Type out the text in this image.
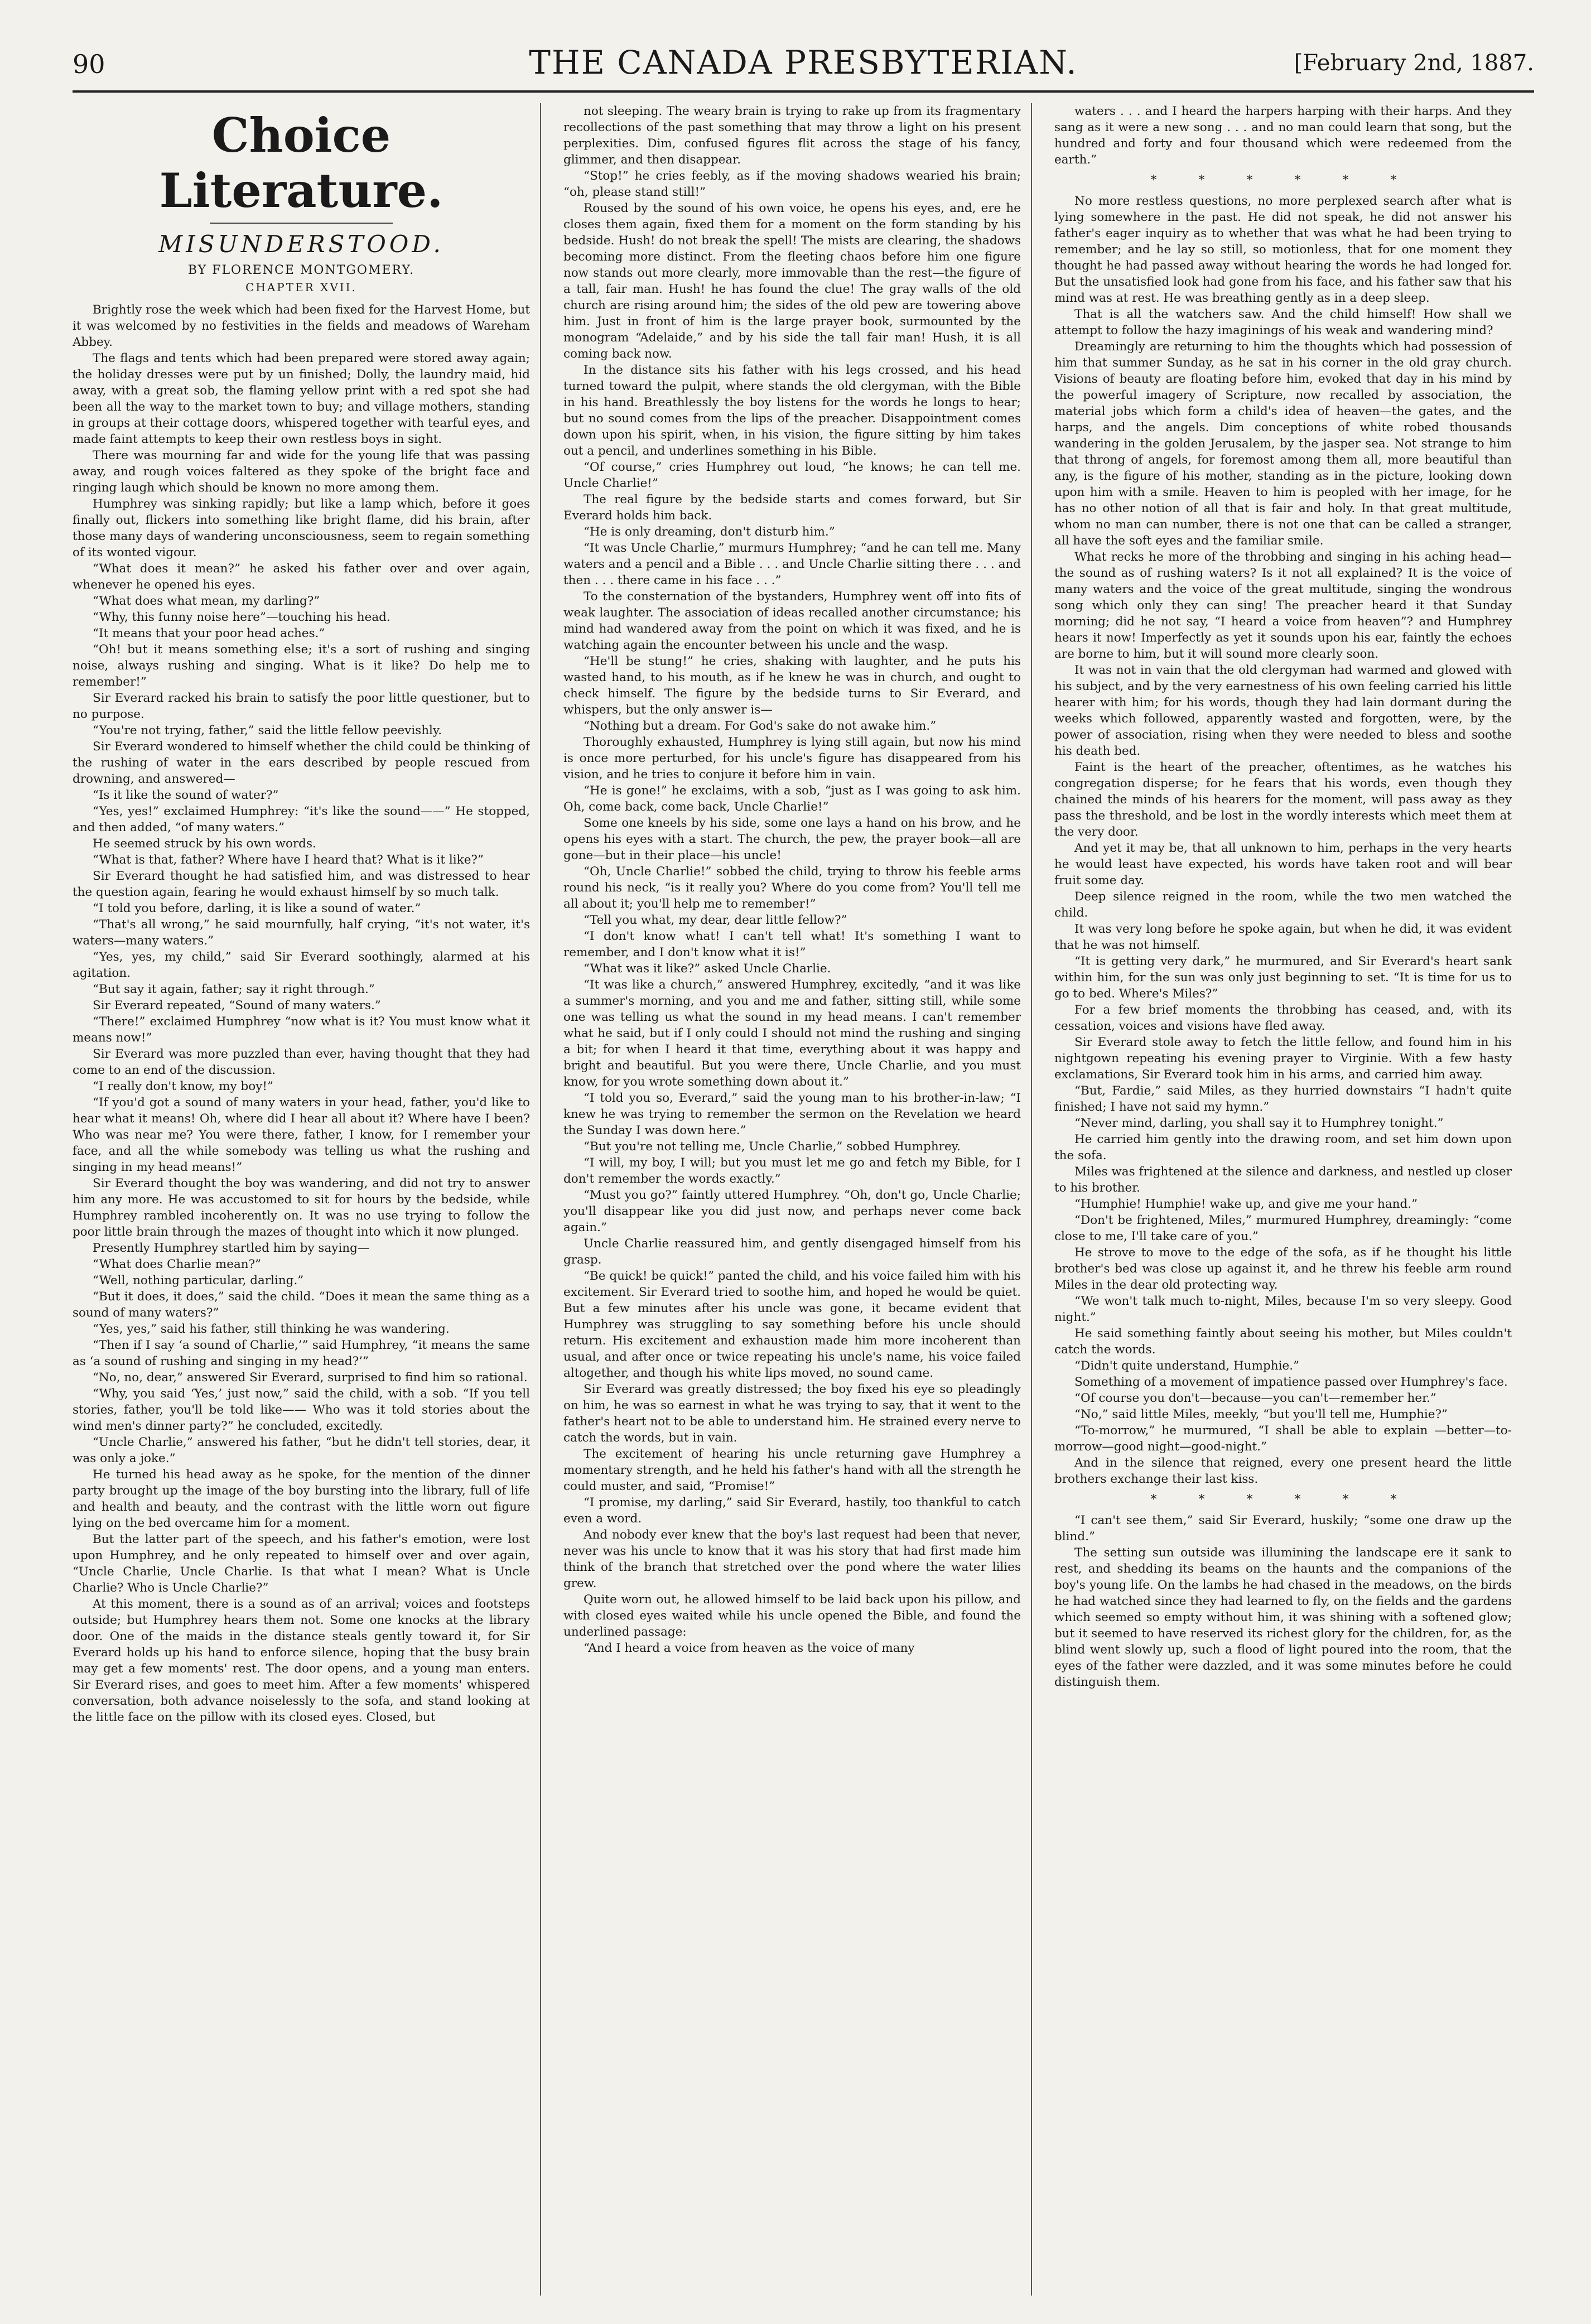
90	THE CANADA PRESBYTERIAN.	[February 2nd, 1887.
Choice Literature.
MISUNDERSTOOD.
BY FLORENCE MONTGOMERY.
CHAPTER XVII.

Brightly rose the week which had been fixed for the Harvest Home, but it was welcomed by no festivities in the fields and meadows of Wareham Abbey.

The flags and tents which had been prepared were stored away again; the holiday dresses were put by un finished; Dolly, the laundry maid, hid away, with a great sob, the flaming yellow print with a red spot she had been all the way to the market town to buy; and village mothers, standing in groups at their cottage doors, whispered together with tearful eyes, and made faint attempts to keep their own restless boys in sight.

There was mourning far and wide for the young life that was passing away, and rough voices faltered as they spoke of the bright face and ringing laugh which should be known no more among them.

Humphrey was sinking rapidly; but like a lamp which, before it goes finally out, flickers into something like bright flame, did his brain, after those many days of wandering unconsciousness, seem to regain something of its wonted vigour.

“What does it mean?” he asked his father over and over again, whenever he opened his eyes.

“What does what mean, my darling?”

“Why, this funny noise here”—touching his head.

“It means that your poor head aches.”

“Oh! but it means something else; it's a sort of rushing and singing noise, always rushing and singing. What is it like? Do help me to remember!”

Sir Everard racked his brain to satisfy the poor little questioner, but to no purpose.

“You're not trying, father,” said the little fellow peevishly.

Sir Everard wondered to himself whether the child could be thinking of the rushing of water in the ears described by people rescued from drowning, and answered—

“Is it like the sound of water?”

“Yes, yes!” exclaimed Humphrey: “it's like the sound——” He stopped, and then added, “of many waters.”

He seemed struck by his own words.

“What is that, father? Where have I heard that? What is it like?”

Sir Everard thought he had satisfied him, and was distressed to hear the question again, fearing he would exhaust himself by so much talk.

“I told you before, darling, it is like a sound of water.”

“That's all wrong,” he said mournfully, half crying, “it's not water, it's waters—many waters.”

“Yes, yes, my child,” said Sir Everard soothingly, alarmed at his agitation.

“But say it again, father; say it right through.”

Sir Everard repeated, “Sound of many waters.”

“There!” exclaimed Humphrey “now what is it? You must know what it means now!”

Sir Everard was more puzzled than ever, having thought that they had come to an end of the discussion.

“I really don't know, my boy!”

“If you'd got a sound of many waters in your head, father, you'd like to hear what it means! Oh, where did I hear all about it? Where have I been? Who was near me? You were there, father, I know, for I remember your face, and all the while somebody was telling us what the rushing and singing in my head means!”

Sir Everard thought the boy was wandering, and did not try to answer him any more. He was accustomed to sit for hours by the bedside, while Humphrey rambled incoherently on. It was no use trying to follow the poor little brain through the mazes of thought into which it now plunged.

Presently Humphrey startled him by saying—

“What does Charlie mean?”

“Well, nothing particular, darling.”

“But it does, it does,” said the child. “Does it mean the same thing as a sound of many waters?”

“Yes, yes,” said his father, still thinking he was wandering.

“Then if I say ‘a sound of Charlie,’” said Humphrey, “it means the same as ‘a sound of rushing and singing in my head?’”

“No, no, dear,” answered Sir Everard, surprised to find him so rational.

“Why, you said ‘Yes,’ just now,” said the child, with a sob. “If you tell stories, father, you'll be told like—— Who was it told stories about the wind men's dinner party?” he concluded, excitedly.

“Uncle Charlie,” answered his father, “but he didn't tell stories, dear, it was only a joke.”

He turned his head away as he spoke, for the mention of the dinner party brought up the image of the boy bursting into the library, full of life and health and beauty, and the contrast with the little worn out figure lying on the bed overcame him for a moment.

But the latter part of the speech, and his father's emotion, were lost upon Humphrey, and he only repeated to himself over and over again, “Uncle Charlie, Uncle Charlie. Is that what I mean? What is Uncle Charlie? Who is Uncle Charlie?”

At this moment, there is a sound as of an arrival; voices and footsteps outside; but Humphrey hears them not. Some one knocks at the library door. One of the maids in the distance steals gently toward it, for Sir Everard holds up his hand to enforce silence, hoping that the busy brain may get a few moments' rest. The door opens, and a young man enters. Sir Everard rises, and goes to meet him. After a few moments' whispered conversation, both advance noiselessly to the sofa, and stand looking at the little face on the pillow with its closed eyes. Closed, but

not sleeping. The weary brain is trying to rake up from its fragmentary recollections of the past something that may throw a light on his present perplexities. Dim, confused figures flit across the stage of his fancy, glimmer, and then disappear.

“Stop!” he cries feebly, as if the moving shadows wearied his brain; “oh, please stand still!”

Roused by the sound of his own voice, he opens his eyes, and, ere he closes them again, fixed them for a moment on the form standing by his bedside. Hush! do not break the spell! The mists are clearing, the shadows becoming more distinct. From the fleeting chaos before him one figure now stands out more clearly, more immovable than the rest—the figure of a tall, fair man. Hush! he has found the clue! The gray walls of the old church are rising around him; the sides of the old pew are towering above him. Just in front of him is the large prayer book, surmounted by the monogram “Adelaide,” and by his side the tall fair man! Hush, it is all coming back now.

In the distance sits his father with his legs crossed, and his head turned toward the pulpit, where stands the old clergyman, with the Bible in his hand. Breathlessly the boy listens for the words he longs to hear; but no sound comes from the lips of the preacher. Disappointment comes down upon his spirit, when, in his vision, the figure sitting by him takes out a pencil, and underlines something in his Bible.

“Of course,” cries Humphrey out loud, “he knows; he can tell me. Uncle Charlie!”

The real figure by the bedside starts and comes forward, but Sir Everard holds him back.

“He is only dreaming, don't disturb him.”

“It was Uncle Charlie,” murmurs Humphrey; “and he can tell me. Many waters and a pencil and a Bible . . . and Uncle Charlie sitting there . . . and then . . . there came in his face . . .”

To the consternation of the bystanders, Humphrey went off into fits of weak laughter. The association of ideas recalled another circumstance; his mind had wandered away from the point on which it was fixed, and he is watching again the encounter between his uncle and the wasp.

“He'll be stung!” he cries, shaking with laughter, and he puts his wasted hand, to his mouth, as if he knew he was in church, and ought to check himself. The figure by the bedside turns to Sir Everard, and whispers, but the only answer is—

“Nothing but a dream. For God's sake do not awake him.”

Thoroughly exhausted, Humphrey is lying still again, but now his mind is once more perturbed, for his uncle's figure has disappeared from his vision, and he tries to conjure it before him in vain.

“He is gone!” he exclaims, with a sob, “just as I was going to ask him. Oh, come back, come back, Uncle Charlie!”

Some one kneels by his side, some one lays a hand on his brow, and he opens his eyes with a start. The church, the pew, the prayer book—all are gone—but in their place—his uncle!

“Oh, Uncle Charlie!” sobbed the child, trying to throw his feeble arms round his neck, “is it really you? Where do you come from? You'll tell me all about it; you'll help me to remember!”

“Tell you what, my dear, dear little fellow?”

“I don't know what! I can't tell what! It's something I want to remember, and I don't know what it is!”

“What was it like?” asked Uncle Charlie.

“It was like a church,” answered Humphrey, excitedly, “and it was like a summer's morning, and you and me and father, sitting still, while some one was telling us what the sound in my head means. I can't remember what he said, but if I only could I should not mind the rushing and singing a bit; for when I heard it that time, everything about it was happy and bright and beautiful. But you were there, Uncle Charlie, and you must know, for you wrote something down about it.”

“I told you so, Everard,” said the young man to his brother-in-law; “I knew he was trying to remember the sermon on the Revelation we heard the Sunday I was down here.”

“But you're not telling me, Uncle Charlie,” sobbed Humphrey.

“I will, my boy, I will; but you must let me go and fetch my Bible, for I don't remember the words exactly.”

“Must you go?” faintly uttered Humphrey. “Oh, don't go, Uncle Charlie; you'll disappear like you did just now, and perhaps never come back again.”

Uncle Charlie reassured him, and gently disengaged himself from his grasp.

“Be quick! be quick!” panted the child, and his voice failed him with his excitement. Sir Everard tried to soothe him, and hoped he would be quiet. But a few minutes after his uncle was gone, it became evident that Humphrey was struggling to say something before his uncle should return. His excitement and exhaustion made him more incoherent than usual, and after once or twice repeating his uncle's name, his voice failed altogether, and though his white lips moved, no sound came.

Sir Everard was greatly distressed; the boy fixed his eye so pleadingly on him, he was so earnest in what he was trying to say, that it went to the father's heart not to be able to understand him. He strained every nerve to catch the words, but in vain.

The excitement of hearing his uncle returning gave Humphrey a momentary strength, and he held his father's hand with all the strength he could muster, and said, “Promise!”

“I promise, my darling,” said Sir Everard, hastily, too thankful to catch even a word.

And nobody ever knew that the boy's last request had been that never, never was his uncle to know that it was his story that had first made him think of the branch that stretched over the pond where the water lilies grew.

Quite worn out, he allowed himself to be laid back upon his pillow, and with closed eyes waited while his uncle opened the Bible, and found the underlined passage:

“And I heard a voice from heaven as the voice of many

waters . . . and I heard the harpers harping with their harps. And they sang as it were a new song . . . and no man could learn that song, but the hundred and forty and four thousand which were redeemed from the earth.”

* * * * * *

No more restless questions, no more perplexed search after what is lying somewhere in the past. He did not speak, he did not answer his father's eager inquiry as to whether that was what he had been trying to remember; and he lay so still, so motionless, that for one moment they thought he had passed away without hearing the words he had longed for. But the unsatisfied look had gone from his face, and his father saw that his mind was at rest. He was breathing gently as in a deep sleep.

That is all the watchers saw. And the child himself! How shall we attempt to follow the hazy imaginings of his weak and wandering mind?

Dreamingly are returning to him the thoughts which had possession of him that summer Sunday, as he sat in his corner in the old gray church. Visions of beauty are floating before him, evoked that day in his mind by the powerful imagery of Scripture, now recalled by association, the material jobs which form a child's idea of heaven—the gates, and the harps, and the angels. Dim conceptions of white robed thousands wandering in the golden Jerusalem, by the jasper sea. Not strange to him that throng of angels, for foremost among them all, more beautiful than any, is the figure of his mother, standing as in the picture, looking down upon him with a smile. Heaven to him is peopled with her image, for he has no other notion of all that is fair and holy. In that great multitude, whom no man can number, there is not one that can be called a stranger, all have the soft eyes and the familiar smile.

What recks he more of the throbbing and singing in his aching head—the sound as of rushing waters? Is it not all explained? It is the voice of many waters and the voice of the great multitude, singing the wondrous song which only they can sing! The preacher heard it that Sunday morning; did he not say, “I heard a voice from heaven”? and Humphrey hears it now! Imperfectly as yet it sounds upon his ear, faintly the echoes are borne to him, but it will sound more clearly soon.

It was not in vain that the old clergyman had warmed and glowed with his subject, and by the very earnestness of his own feeling carried his little hearer with him; for his words, though they had lain dormant during the weeks which followed, apparently wasted and forgotten, were, by the power of association, rising when they were needed to bless and soothe his death bed.

Faint is the heart of the preacher, oftentimes, as he watches his congregation disperse; for he fears that his words, even though they chained the minds of his hearers for the moment, will pass away as they pass the threshold, and be lost in the wordly interests which meet them at the very door.

And yet it may be, that all unknown to him, perhaps in the very hearts he would least have expected, his words have taken root and will bear fruit some day.

Deep silence reigned in the room, while the two men watched the child.

It was very long before he spoke again, but when he did, it was evident that he was not himself.

“It is getting very dark,” he murmured, and Sir Everard's heart sank within him, for the sun was only just beginning to set. “It is time for us to go to bed. Where's Miles?”

For a few brief moments the throbbing has ceased, and, with its cessation, voices and visions have fled away.

Sir Everard stole away to fetch the little fellow, and found him in his nightgown repeating his evening prayer to Virginie. With a few hasty exclamations, Sir Everard took him in his arms, and carried him away.

“But, Fardie,” said Miles, as they hurried downstairs “I hadn't quite finished; I have not said my hymn.”

“Never mind, darling, you shall say it to Humphrey tonight.”

He carried him gently into the drawing room, and set him down upon the sofa.

Miles was frightened at the silence and darkness, and nestled up closer to his brother.

“Humphie! Humphie! wake up, and give me your hand.”

“Don't be frightened, Miles,” murmured Humphrey, dreamingly: “come close to me, I'll take care of you.”

He strove to move to the edge of the sofa, as if he thought his little brother's bed was close up against it, and he threw his feeble arm round Miles in the dear old protecting way.

“We won't talk much to-night, Miles, because I'm so very sleepy. Good night.”

He said something faintly about seeing his mother, but Miles couldn't catch the words.

“Didn't quite understand, Humphie.”

Something of a movement of impatience passed over Humphrey's face.

“Of course you don't—because—you can't—remember her.”

“No,” said little Miles, meekly, “but you'll tell me, Humphie?”

“To-morrow,” he murmured, “I shall be able to explain —better—to-morrow—good night—good-night.”

And in the silence that reigned, every one present heard the little brothers exchange their last kiss.

* * * * * *

“I can't see them,” said Sir Everard, huskily; “some one draw up the blind.”

The setting sun outside was illumining the landscape ere it sank to rest, and shedding its beams on the haunts and the companions of the boy's young life. On the lambs he had chased in the meadows, on the birds he had watched since they had learned to fly, on the fields and the gardens which seemed so empty without him, it was shining with a softened glow; but it seemed to have reserved its richest glory for the children, for, as the blind went slowly up, such a flood of light poured into the room, that the eyes of the father were dazzled, and it was some minutes before he could distinguish them.
